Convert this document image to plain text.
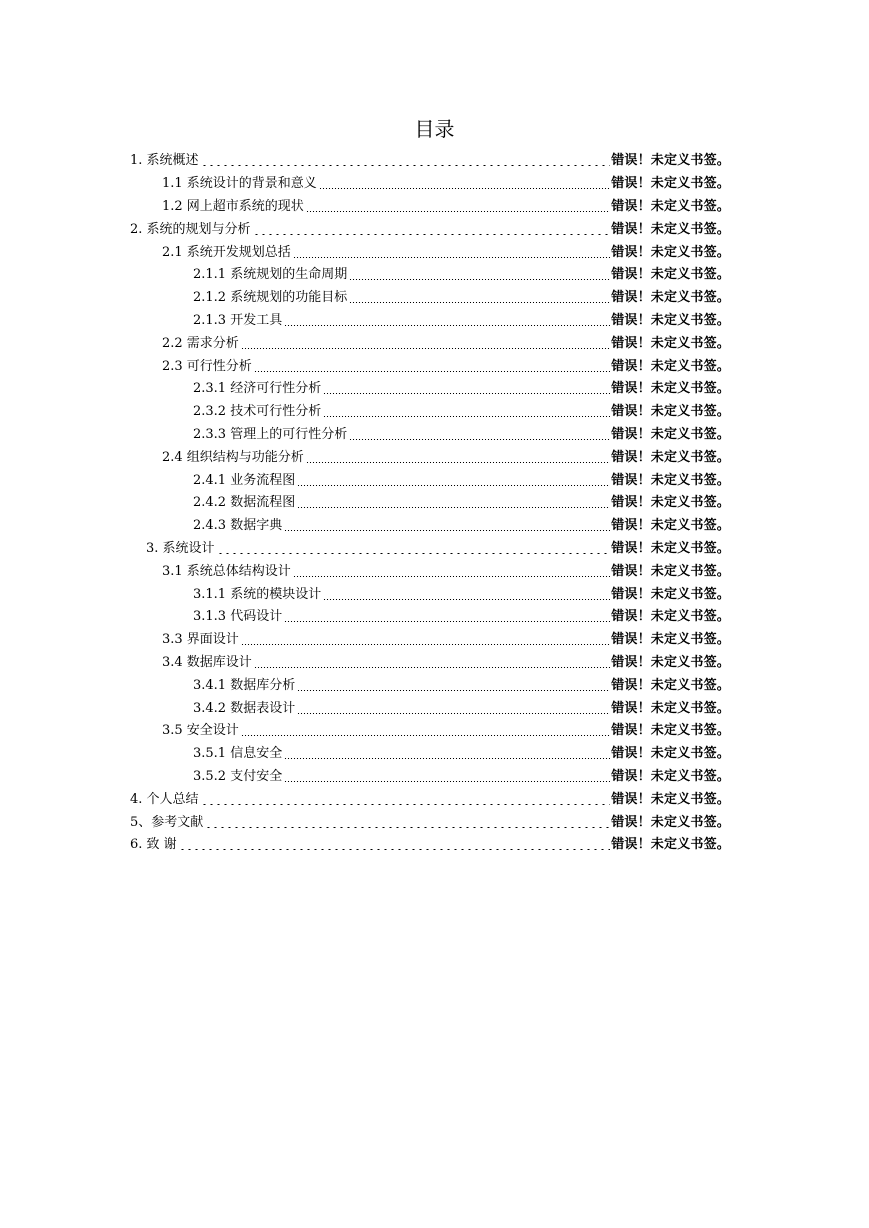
目录
1. 系统概述	错误！未定义书签。
1.1 系统设计的背景和意义	错误！未定义书签。
1.2 网上超市系统的现状	错误！未定义书签。
2. 系统的规划与分析	错误！未定义书签。
2.1 系统开发规划总括	错误！未定义书签。
2.1.1 系统规划的生命周期	错误！未定义书签。
2.1.2 系统规划的功能目标	错误！未定义书签。
2.1.3 开发工具	错误！未定义书签。
2.2 需求分析	错误！未定义书签。
2.3 可行性分析	错误！未定义书签。
2.3.1 经济可行性分析	错误！未定义书签。
2.3.2 技术可行性分析	错误！未定义书签。
2.3.3 管理上的可行性分析	错误！未定义书签。
2.4 组织结构与功能分析	错误！未定义书签。
2.4.1 业务流程图	错误！未定义书签。
2.4.2 数据流程图	错误！未定义书签。
2.4.3 数据字典	错误！未定义书签。
3. 系统设计	错误！未定义书签。
3.1 系统总体结构设计	错误！未定义书签。
3.1.1 系统的模块设计	错误！未定义书签。
3.1.3 代码设计	错误！未定义书签。
3.3 界面设计	错误！未定义书签。
3.4 数据库设计	错误！未定义书签。
3.4.1 数据库分析	错误！未定义书签。
3.4.2 数据表设计	错误！未定义书签。
3.5 安全设计	错误！未定义书签。
3.5.1 信息安全	错误！未定义书签。
3.5.2 支付安全	错误！未定义书签。
4. 个人总结	错误！未定义书签。
5、参考文献	错误！未定义书签。
6. 致 谢	错误！未定义书签。
